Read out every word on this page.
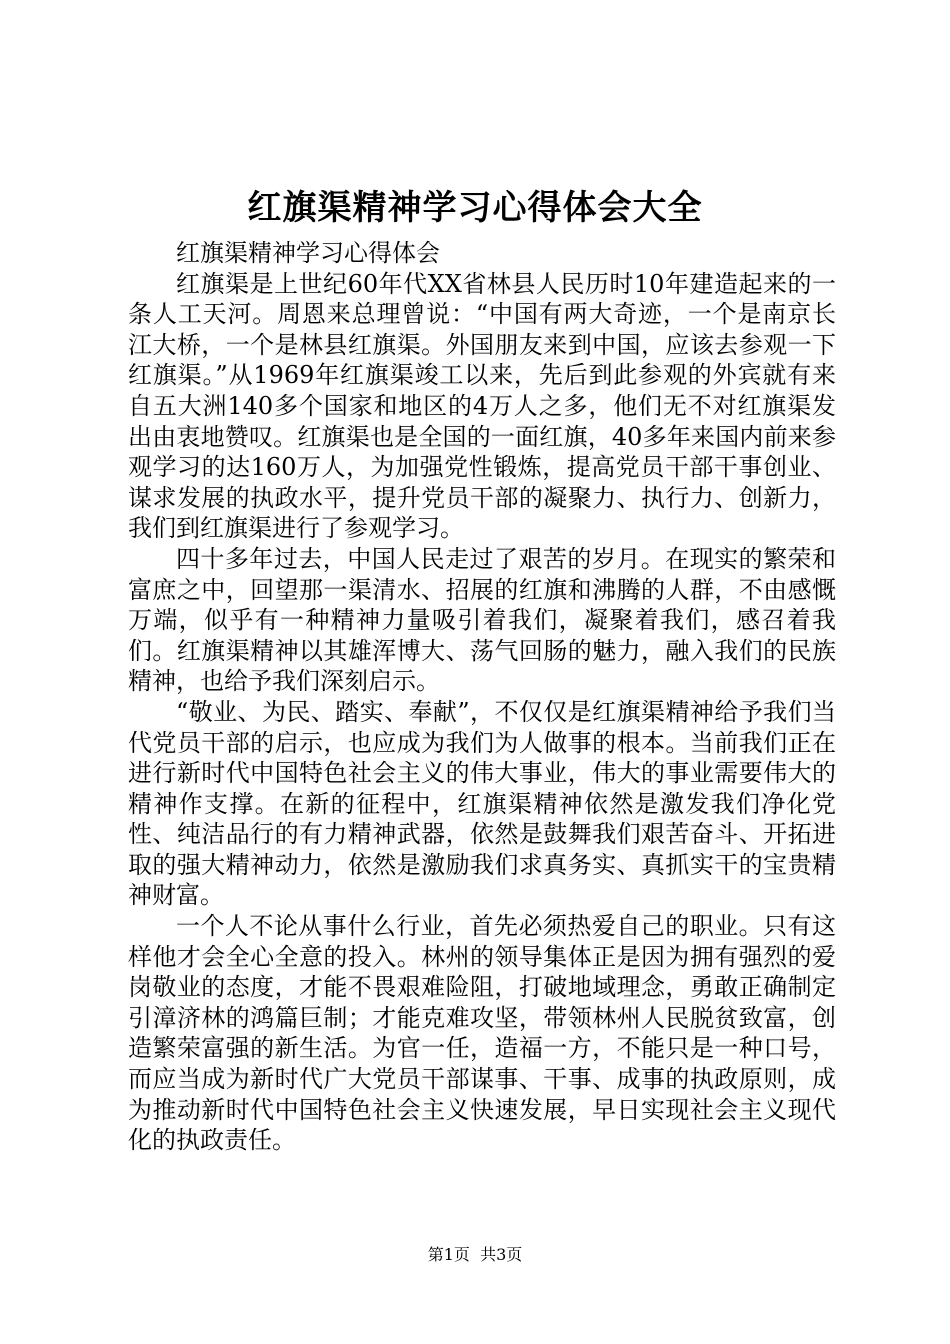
红旗渠精神学习心得体会大全

红旗渠精神学习心得体会

红旗渠是上世纪60年代XX省林县人民历时10年建造起来的一条人工天河。周恩来总理曾说：“中国有两大奇迹，一个是南京长江大桥，一个是林县红旗渠。外国朋友来到中国，应该去参观一下红旗渠。”从1969年红旗渠竣工以来，先后到此参观的外宾就有来自五大洲140多个国家和地区的4万人之多，他们无不对红旗渠发出由衷地赞叹。红旗渠也是全国的一面红旗，40多年来国内前来参观学习的达160万人，为加强党性锻炼，提高党员干部干事创业、谋求发展的执政水平，提升党员干部的凝聚力、执行力、创新力，我们到红旗渠进行了参观学习。

四十多年过去，中国人民走过了艰苦的岁月。在现实的繁荣和富庶之中，回望那一渠清水、招展的红旗和沸腾的人群，不由感慨万端，似乎有一种精神力量吸引着我们，凝聚着我们，感召着我们。红旗渠精神以其雄浑博大、荡气回肠的魅力，融入我们的民族精神，也给予我们深刻启示。

“敬业、为民、踏实、奉献”，不仅仅是红旗渠精神给予我们当代党员干部的启示，也应成为我们为人做事的根本。当前我们正在进行新时代中国特色社会主义的伟大事业，伟大的事业需要伟大的精神作支撑。在新的征程中，红旗渠精神依然是激发我们净化党性、纯洁品行的有力精神武器，依然是鼓舞我们艰苦奋斗、开拓进取的强大精神动力，依然是激励我们求真务实、真抓实干的宝贵精神财富。

一个人不论从事什么行业，首先必须热爱自己的职业。只有这样他才会全心全意的投入。林州的领导集体正是因为拥有强烈的爱岗敬业的态度，才能不畏艰难险阻，打破地域理念，勇敢正确制定引漳济林的鸿篇巨制；才能克难攻坚，带领林州人民脱贫致富，创造繁荣富强的新生活。为官一任，造福一方，不能只是一种口号，而应当成为新时代广大党员干部谋事、干事、成事的执政原则，成为推动新时代中国特色社会主义快速发展，早日实现社会主义现代化的执政责任。

第1页 共3页
